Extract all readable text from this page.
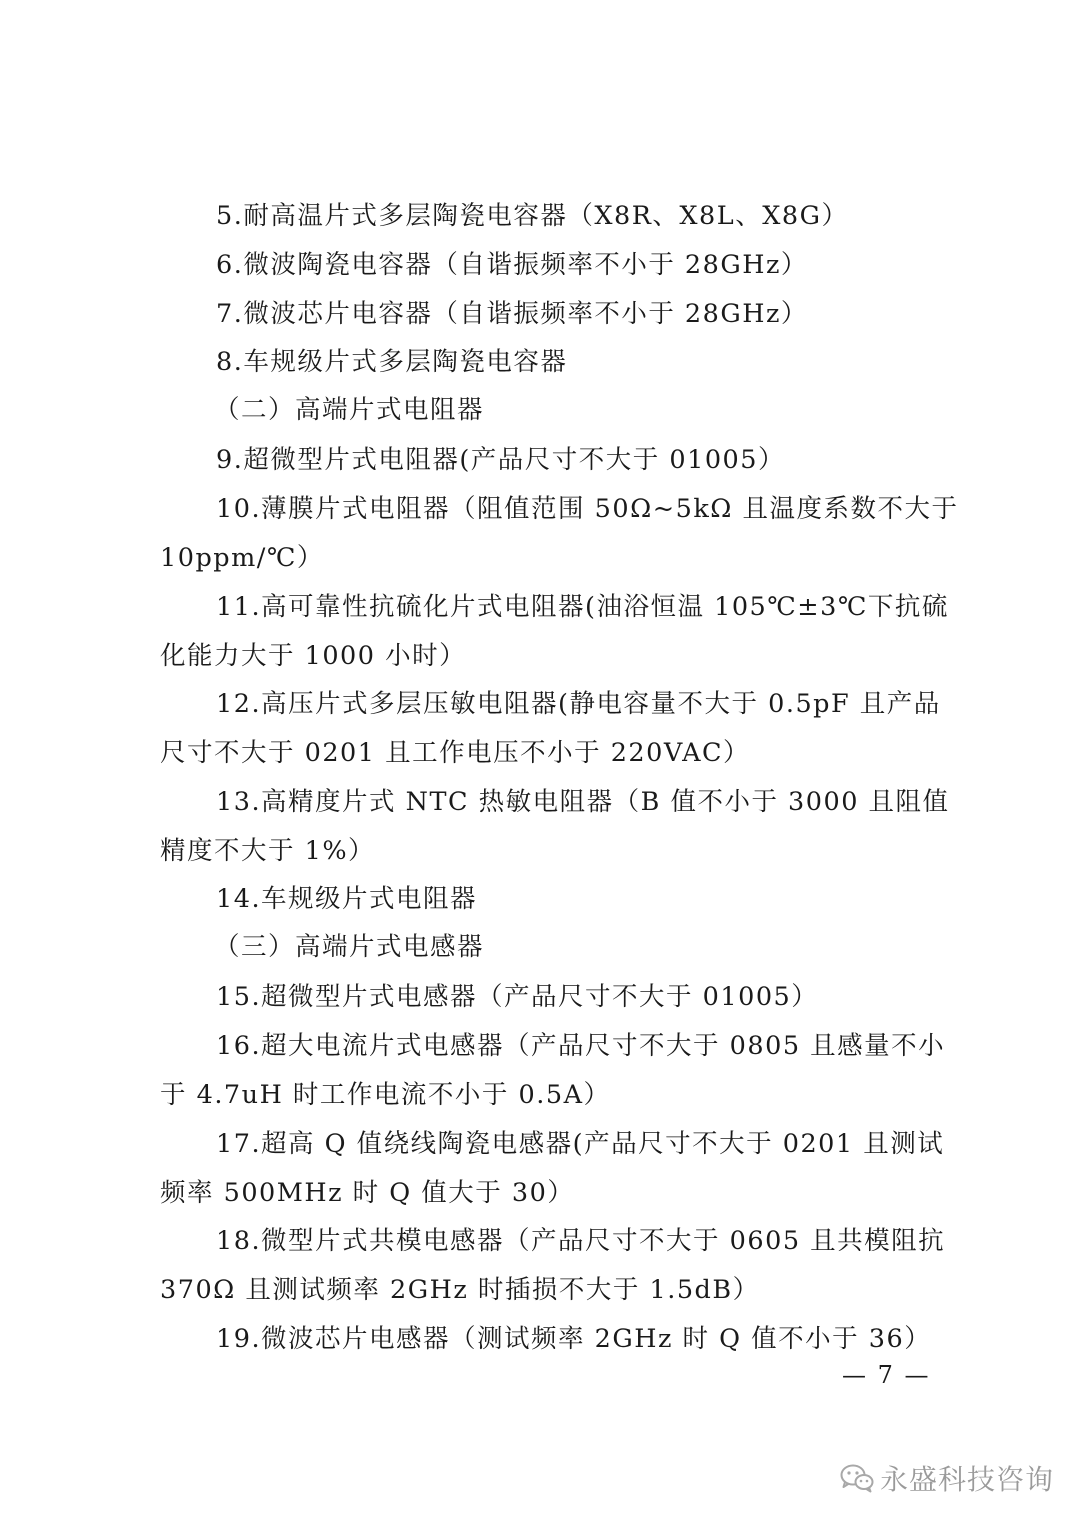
5.耐高温片式多层陶瓷电容器（X8R、X8L、X8G）
6.微波陶瓷电容器（自谐振频率不小于 28GHz）
7.微波芯片电容器（自谐振频率不小于 28GHz）
8.车规级片式多层陶瓷电容器
（二）高端片式电阻器
9.超微型片式电阻器(产品尺寸不大于 01005）
10.薄膜片式电阻器（阻值范围 50Ω~5kΩ 且温度系数不大于
10ppm/℃）
11.高可靠性抗硫化片式电阻器(油浴恒温 105℃±3℃下抗硫
化能力大于 1000 小时）
12.高压片式多层压敏电阻器(静电容量不大于 0.5pF 且产品
尺寸不大于 0201 且工作电压不小于 220VAC）
13.高精度片式 NTC 热敏电阻器（B 值不小于 3000 且阻值
精度不大于 1%）
14.车规级片式电阻器
（三）高端片式电感器
15.超微型片式电感器（产品尺寸不大于 01005）
16.超大电流片式电感器（产品尺寸不大于 0805 且感量不小
于 4.7uH 时工作电流不小于 0.5A）
17.超高 Q 值绕线陶瓷电感器(产品尺寸不大于 0201 且测试
频率 500MHz 时 Q 值大于 30）
18.微型片式共模电感器（产品尺寸不大于 0605 且共模阻抗
370Ω 且测试频率 2GHz 时插损不大于 1.5dB）
19.微波芯片电感器（测试频率 2GHz 时 Q 值不小于 36）
— 7 —
永盛科技咨询
